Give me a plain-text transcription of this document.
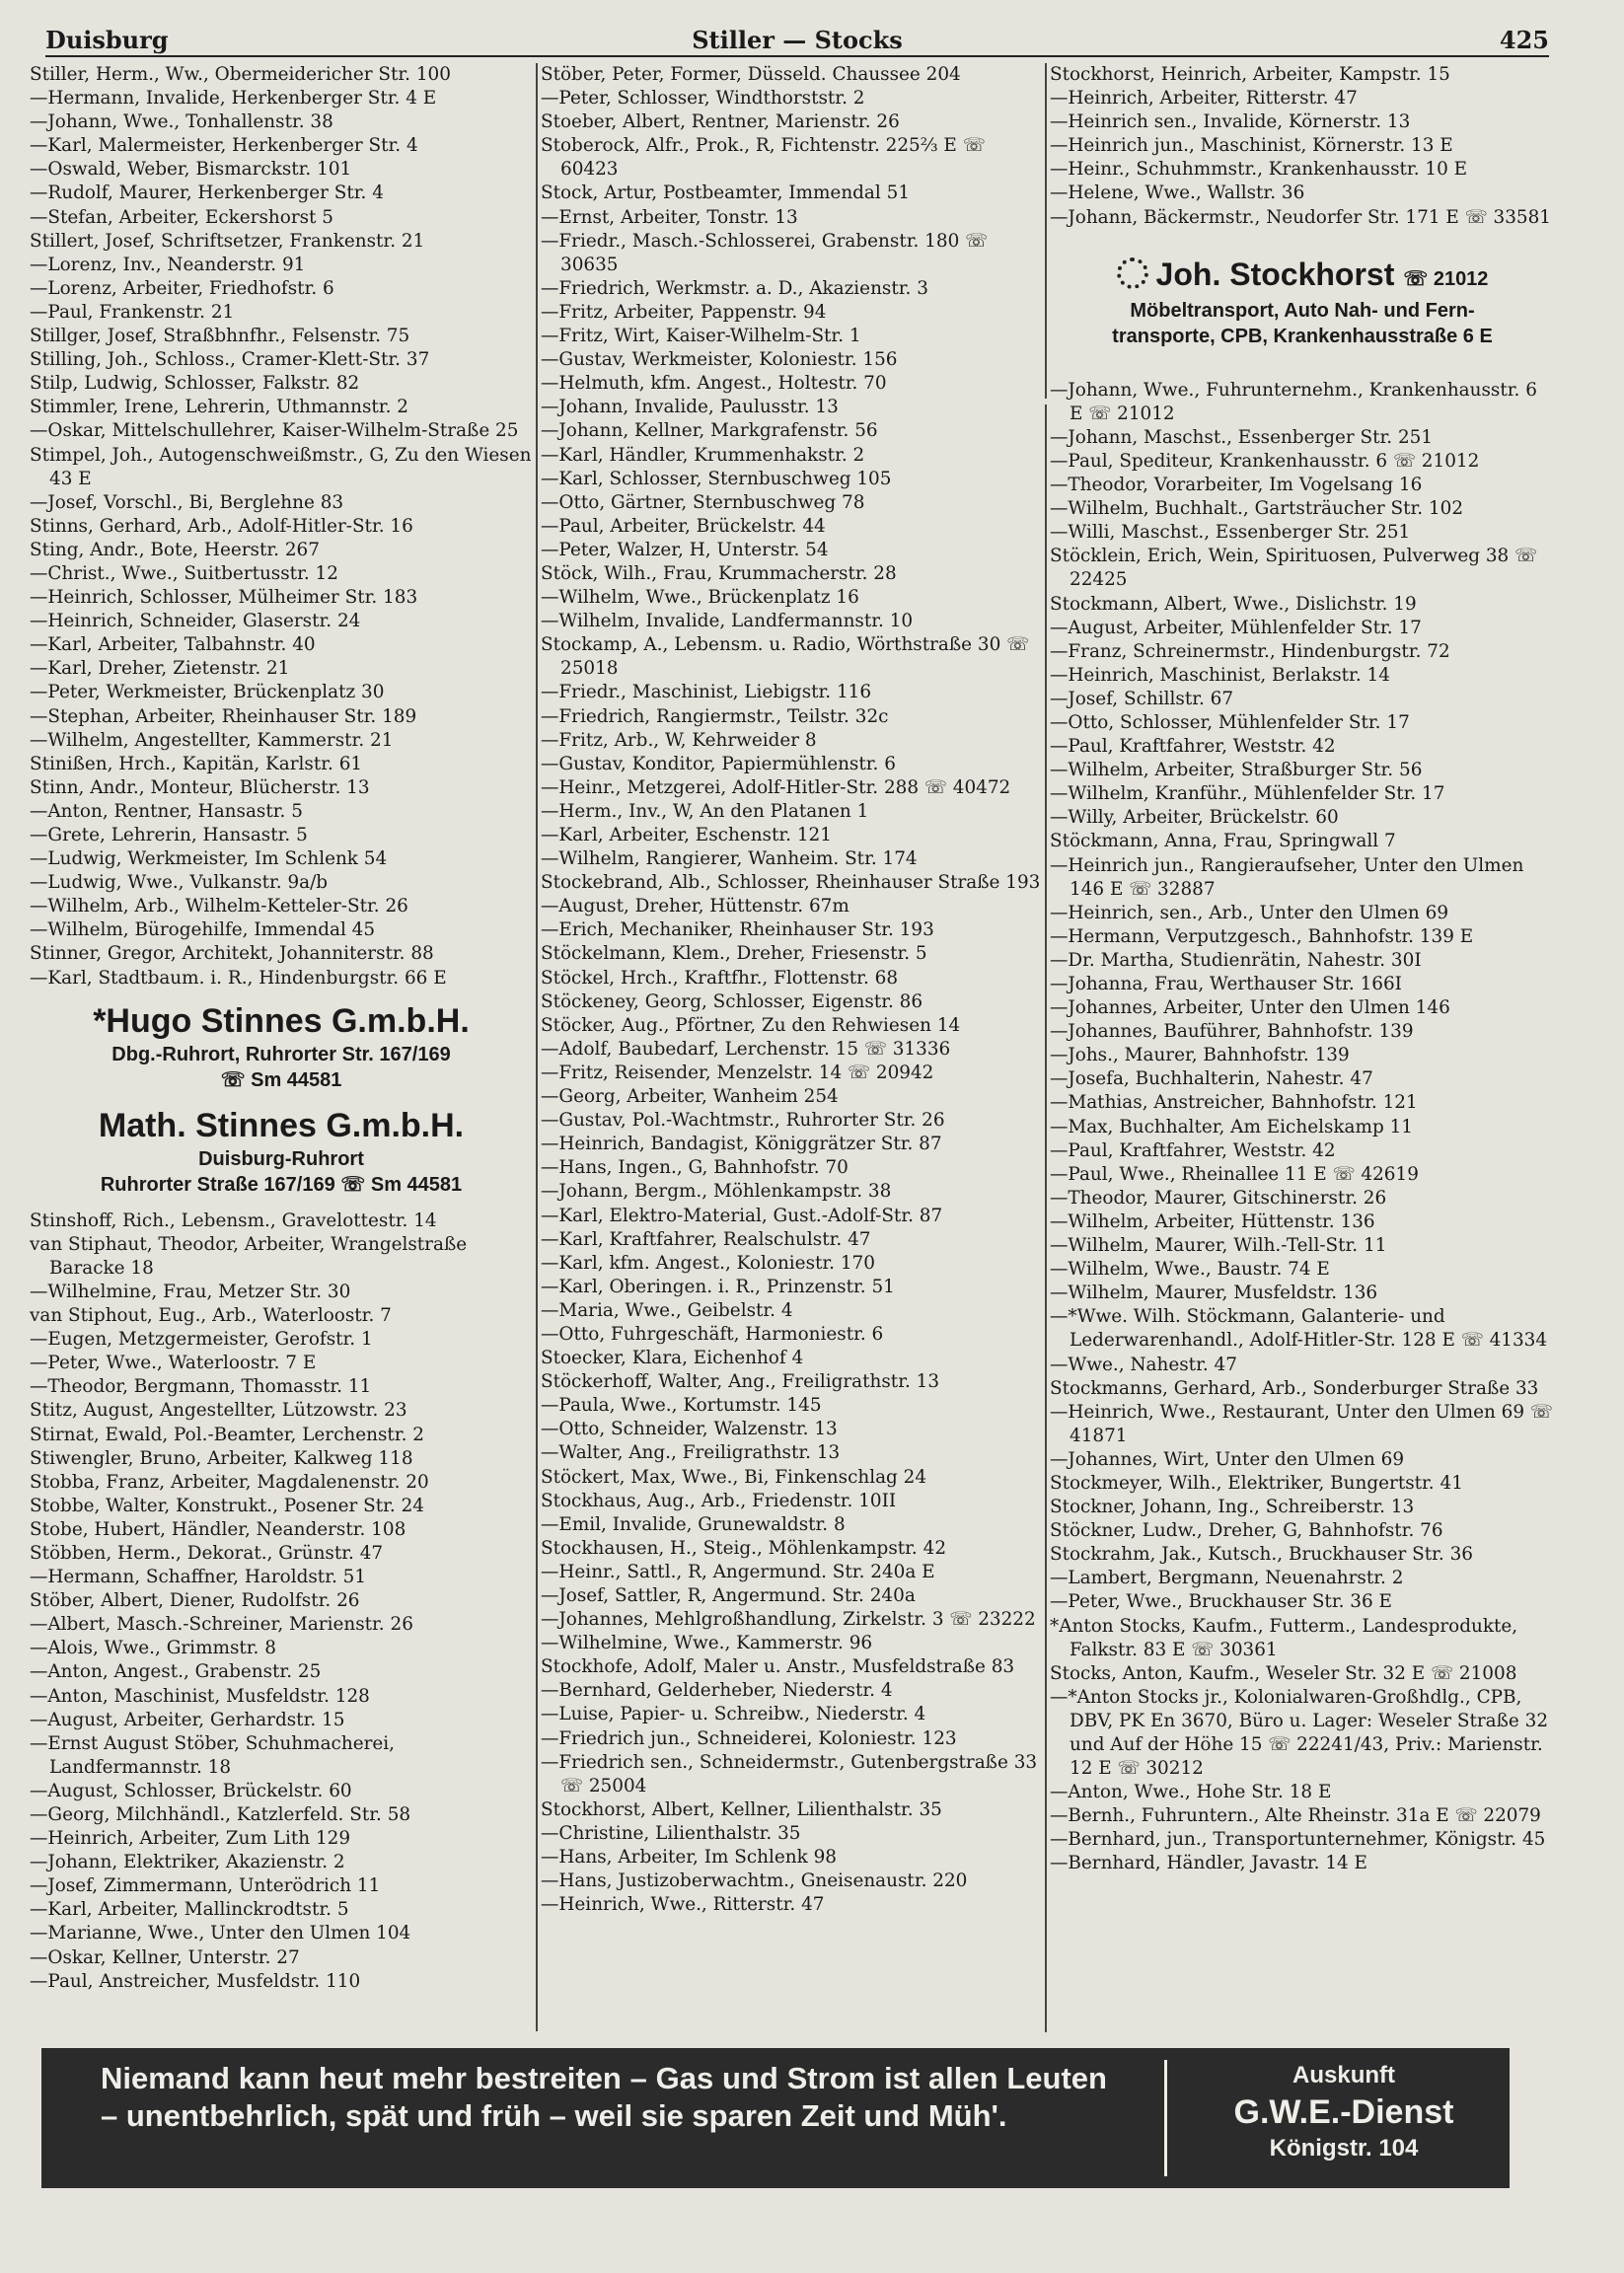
Duisburg	Stiller — Stocks	425
Stiller, Herm., Ww., Obermeidericher Str. 100
—Hermann, Invalide, Herkenberger Str. 4 E
—Johann, Wwe., Tonhallenstr. 38
—Karl, Malermeister, Herkenberger Str. 4
—Oswald, Weber, Bismarckstr. 101
—Rudolf, Maurer, Herkenberger Str. 4
—Stefan, Arbeiter, Eckershorst 5
Stillert, Josef, Schriftsetzer, Frankenstr. 21
—Lorenz, Inv., Neanderstr. 91
—Lorenz, Arbeiter, Friedhofstr. 6
—Paul, Frankenstr. 21
Stillger, Josef, Straßbhnfhr., Felsenstr. 75
Stilling, Joh., Schloss., Cramer-Klett-Str. 37
Stilp, Ludwig, Schlosser, Falkstr. 82
Stimmler, Irene, Lehrerin, Uthmannstr. 2
—Oskar, Mittelschullehrer, Kaiser-Wilhelm-Straße 25
Stimpel, Joh., Autogenschweißmstr., G, Zu den Wiesen 43 E
—Josef, Vorschl., Bi, Berglehne 83
Stinns, Gerhard, Arb., Adolf-Hitler-Str. 16
Sting, Andr., Bote, Heerstr. 267
—Christ., Wwe., Suitbertusstr. 12
—Heinrich, Schlosser, Mülheimer Str. 183
—Heinrich, Schneider, Glaserstr. 24
—Karl, Arbeiter, Talbahnstr. 40
—Karl, Dreher, Zietenstr. 21
—Peter, Werkmeister, Brückenplatz 30
—Stephan, Arbeiter, Rheinhauser Str. 189
—Wilhelm, Angestellter, Kammerstr. 21
Stinißen, Hrch., Kapitän, Karlstr. 61
Stinn, Andr., Monteur, Blücherstr. 13
—Anton, Rentner, Hansastr. 5
—Grete, Lehrerin, Hansastr. 5
—Ludwig, Werkmeister, Im Schlenk 54
—Ludwig, Wwe., Vulkanstr. 9a/b
—Wilhelm, Arb., Wilhelm-Ketteler-Str. 26
—Wilhelm, Bürogehilfe, Immendal 45
Stinner, Gregor, Architekt, Johanniterstr. 88
—Karl, Stadtbaum. i. R., Hindenburgstr. 66 E
*Hugo Stinnes G.m.b.H.
Dbg.-Ruhrort, Ruhrorter Str. 167/169
☏ Sm 44581
Math. Stinnes G.m.b.H.
Duisburg-Ruhrort
Ruhrorter Straße 167/169 ☏ Sm 44581
Stinshoff, Rich., Lebensm., Gravelottestr. 14
van Stiphaut, Theodor, Arbeiter, Wrangelstraße Baracke 18
—Wilhelmine, Frau, Metzer Str. 30
van Stiphout, Eug., Arb., Waterloostr. 7
—Eugen, Metzgermeister, Gerofstr. 1
—Peter, Wwe., Waterloostr. 7 E
—Theodor, Bergmann, Thomasstr. 11
Stitz, August, Angestellter, Lützowstr. 23
Stirnat, Ewald, Pol.-Beamter, Lerchenstr. 2
Stiwengler, Bruno, Arbeiter, Kalkweg 118
Stobba, Franz, Arbeiter, Magdalenenstr. 20
Stobbe, Walter, Konstrukt., Posener Str. 24
Stobe, Hubert, Händler, Neanderstr. 108
Stöbben, Herm., Dekorat., Grünstr. 47
—Hermann, Schaffner, Haroldstr. 51
Stöber, Albert, Diener, Rudolfstr. 26
—Albert, Masch.-Schreiner, Marienstr. 26
—Alois, Wwe., Grimmstr. 8
—Anton, Angest., Grabenstr. 25
—Anton, Maschinist, Musfeldstr. 128
—August, Arbeiter, Gerhardstr. 15
—Ernst August Stöber, Schuhmacherei, Landfermannstr. 18
—August, Schlosser, Brückelstr. 60
—Georg, Milchhändl., Katzlerfeld. Str. 58
—Heinrich, Arbeiter, Zum Lith 129
—Johann, Elektriker, Akazienstr. 2
—Josef, Zimmermann, Unterödrich 11
—Karl, Arbeiter, Mallinckrodtstr. 5
—Marianne, Wwe., Unter den Ulmen 104
—Oskar, Kellner, Unterstr. 27
—Paul, Anstreicher, Musfeldstr. 110
Stöber, Peter, Former, Düsseld. Chaussee 204
—Peter, Schlosser, Windthorststr. 2
Stoeber, Albert, Rentner, Marienstr. 26
Stoberock, Alfr., Prok., R, Fichtenstr. 225⅔ E ☏ 60423
Stock, Artur, Postbeamter, Immendal 51
—Ernst, Arbeiter, Tonstr. 13
—Friedr., Masch.-Schlosserei, Grabenstr. 180 ☏ 30635
—Friedrich, Werkmstr. a. D., Akazienstr. 3
—Fritz, Arbeiter, Pappenstr. 94
—Fritz, Wirt, Kaiser-Wilhelm-Str. 1
—Gustav, Werkmeister, Koloniestr. 156
—Helmuth, kfm. Angest., Holtestr. 70
—Johann, Invalide, Paulusstr. 13
—Johann, Kellner, Markgrafenstr. 56
—Karl, Händler, Krummenhakstr. 2
—Karl, Schlosser, Sternbuschweg 105
—Otto, Gärtner, Sternbuschweg 78
—Paul, Arbeiter, Brückelstr. 44
—Peter, Walzer, H, Unterstr. 54
Stöck, Wilh., Frau, Krummacherstr. 28
—Wilhelm, Wwe., Brückenplatz 16
—Wilhelm, Invalide, Landfermannstr. 10
Stockamp, A., Lebensm. u. Radio, Wörthstraße 30 ☏ 25018
—Friedr., Maschinist, Liebigstr. 116
—Friedrich, Rangiermstr., Teilstr. 32c
—Fritz, Arb., W, Kehrweider 8
—Gustav, Konditor, Papiermühlenstr. 6
—Heinr., Metzgerei, Adolf-Hitler-Str. 288 ☏ 40472
—Herm., Inv., W, An den Platanen 1
—Karl, Arbeiter, Eschenstr. 121
—Wilhelm, Rangierer, Wanheim. Str. 174
Stockebrand, Alb., Schlosser, Rheinhauser Straße 193
—August, Dreher, Hüttenstr. 67m
—Erich, Mechaniker, Rheinhauser Str. 193
Stöckelmann, Klem., Dreher, Friesenstr. 5
Stöckel, Hrch., Kraftfhr., Flottenstr. 68
Stöckeney, Georg, Schlosser, Eigenstr. 86
Stöcker, Aug., Pförtner, Zu den Rehwiesen 14
—Adolf, Baubedarf, Lerchenstr. 15 ☏ 31336
—Fritz, Reisender, Menzelstr. 14 ☏ 20942
—Georg, Arbeiter, Wanheim 254
—Gustav, Pol.-Wachtmstr., Ruhrorter Str. 26
—Heinrich, Bandagist, Königgrätzer Str. 87
—Hans, Ingen., G, Bahnhofstr. 70
—Johann, Bergm., Möhlenkampstr. 38
—Karl, Elektro-Material, Gust.-Adolf-Str. 87
—Karl, Kraftfahrer, Realschulstr. 47
—Karl, kfm. Angest., Koloniestr. 170
—Karl, Oberingen. i. R., Prinzenstr. 51
—Maria, Wwe., Geibelstr. 4
—Otto, Fuhrgeschäft, Harmoniestr. 6
Stoecker, Klara, Eichenhof 4
Stöckerhoff, Walter, Ang., Freiligrathstr. 13
—Paula, Wwe., Kortumstr. 145
—Otto, Schneider, Walzenstr. 13
—Walter, Ang., Freiligrathstr. 13
Stöckert, Max, Wwe., Bi, Finkenschlag 24
Stockhaus, Aug., Arb., Friedenstr. 10II
—Emil, Invalide, Grunewaldstr. 8
Stockhausen, H., Steig., Möhlenkampstr. 42
—Heinr., Sattl., R, Angermund. Str. 240a E
—Josef, Sattler, R, Angermund. Str. 240a
—Johannes, Mehlgroßhandlung, Zirkelstr. 3 ☏ 23222
—Wilhelmine, Wwe., Kammerstr. 96
Stockhofe, Adolf, Maler u. Anstr., Musfeldstraße 83
—Bernhard, Gelderheber, Niederstr. 4
—Luise, Papier- u. Schreibw., Niederstr. 4
—Friedrich jun., Schneiderei, Koloniestr. 123
—Friedrich sen., Schneidermstr., Gutenbergstraße 33 ☏ 25004
Stockhorst, Albert, Kellner, Lilienthalstr. 35
—Christine, Lilienthalstr. 35
—Hans, Arbeiter, Im Schlenk 98
—Hans, Justizoberwachtm., Gneisenaustr. 220
—Heinrich, Wwe., Ritterstr. 47
Stockhorst, Heinrich, Arbeiter, Kampstr. 15
—Heinrich, Arbeiter, Ritterstr. 47
—Heinrich sen., Invalide, Körnerstr. 13
—Heinrich jun., Maschinist, Körnerstr. 13 E
—Heinr., Schuhmmstr., Krankenhausstr. 10 E
—Helene, Wwe., Wallstr. 36
—Johann, Bäckermstr., Neudorfer Str. 171 E ☏ 33581
Joh. Stockhorst ☏ 21012
Möbeltransport, Auto Nah- und Fern-
transporte, CPB, Krankenhausstraße 6 E
—Johann, Wwe., Fuhrunternehm., Krankenhausstr. 6 E ☏ 21012
—Johann, Maschst., Essenberger Str. 251
—Paul, Spediteur, Krankenhausstr. 6 ☏ 21012
—Theodor, Vorarbeiter, Im Vogelsang 16
—Wilhelm, Buchhalt., Gartsträucher Str. 102
—Willi, Maschst., Essenberger Str. 251
Stöcklein, Erich, Wein, Spirituosen, Pulverweg 38 ☏ 22425
Stockmann, Albert, Wwe., Dislichstr. 19
—August, Arbeiter, Mühlenfelder Str. 17
—Franz, Schreinermstr., Hindenburgstr. 72
—Heinrich, Maschinist, Berlakstr. 14
—Josef, Schillstr. 67
—Otto, Schlosser, Mühlenfelder Str. 17
—Paul, Kraftfahrer, Weststr. 42
—Wilhelm, Arbeiter, Straßburger Str. 56
—Wilhelm, Kranführ., Mühlenfelder Str. 17
—Willy, Arbeiter, Brückelstr. 60
Stöckmann, Anna, Frau, Springwall 7
—Heinrich jun., Rangieraufseher, Unter den Ulmen 146 E ☏ 32887
—Heinrich, sen., Arb., Unter den Ulmen 69
—Hermann, Verputzgesch., Bahnhofstr. 139 E
—Dr. Martha, Studienrätin, Nahestr. 30I
—Johanna, Frau, Werthauser Str. 166I
—Johannes, Arbeiter, Unter den Ulmen 146
—Johannes, Bauführer, Bahnhofstr. 139
—Johs., Maurer, Bahnhofstr. 139
—Josefa, Buchhalterin, Nahestr. 47
—Mathias, Anstreicher, Bahnhofstr. 121
—Max, Buchhalter, Am Eichelskamp 11
—Paul, Kraftfahrer, Weststr. 42
—Paul, Wwe., Rheinallee 11 E ☏ 42619
—Theodor, Maurer, Gitschinerstr. 26
—Wilhelm, Arbeiter, Hüttenstr. 136
—Wilhelm, Maurer, Wilh.-Tell-Str. 11
—Wilhelm, Wwe., Baustr. 74 E
—Wilhelm, Maurer, Musfeldstr. 136
—*Wwe. Wilh. Stöckmann, Galanterie- und Lederwarenhandl., Adolf-Hitler-Str. 128 E ☏ 41334
—Wwe., Nahestr. 47
Stockmanns, Gerhard, Arb., Sonderburger Straße 33
—Heinrich, Wwe., Restaurant, Unter den Ulmen 69 ☏ 41871
—Johannes, Wirt, Unter den Ulmen 69
Stockmeyer, Wilh., Elektriker, Bungertstr. 41
Stockner, Johann, Ing., Schreiberstr. 13
Stöckner, Ludw., Dreher, G, Bahnhofstr. 76
Stockrahm, Jak., Kutsch., Bruckhauser Str. 36
—Lambert, Bergmann, Neuenahrstr. 2
—Peter, Wwe., Bruckhauser Str. 36 E
*Anton Stocks, Kaufm., Futterm., Landesprodukte, Falkstr. 83 E ☏ 30361
Stocks, Anton, Kaufm., Weseler Str. 32 E ☏ 21008
—*Anton Stocks jr., Kolonialwaren-Großhdlg., CPB, DBV, PK En 3670, Büro u. Lager: Weseler Straße 32 und Auf der Höhe 15 ☏ 22241/43, Priv.: Marienstr. 12 E ☏ 30212
—Anton, Wwe., Hohe Str. 18 E
—Bernh., Fuhruntern., Alte Rheinstr. 31a E ☏ 22079
—Bernhard, jun., Transportunternehmer, Königstr. 45
—Bernhard, Händler, Javastr. 14 E
Niemand kann heut mehr bestreiten – Gas und Strom ist allen Leuten – unentbehrlich, spät und früh – weil sie sparen Zeit und Müh'.
Auskunft
G.W.E.-Dienst
Königstr. 104
